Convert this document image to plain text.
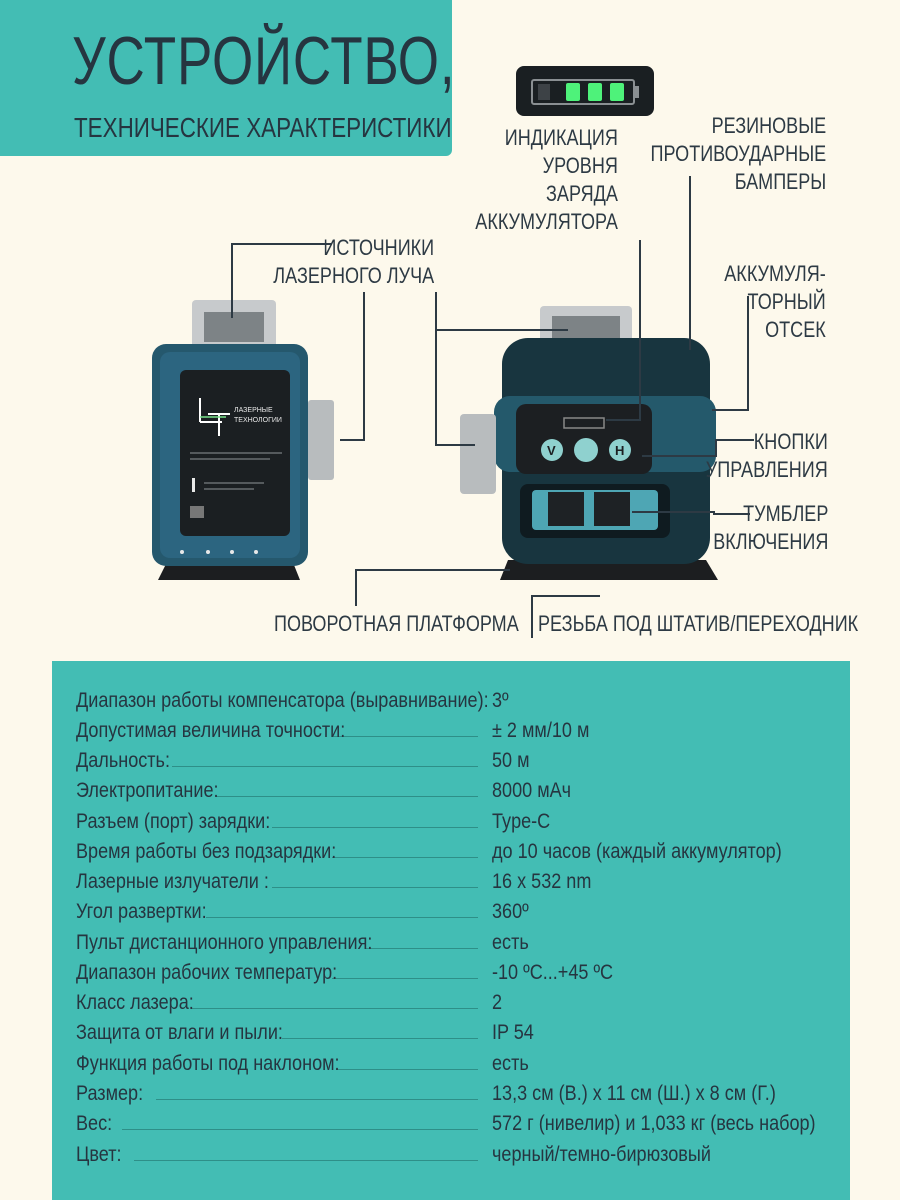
УСТРОЙСТВО,
ТЕХНИЧЕСКИЕ ХАРАКТЕРИСТИКИ
ЛАЗЕРНЫЕ
ТЕХНОЛОГИИ
V	H
ИНДИКАЦИЯ
УРОВНЯ
ЗАРЯДА
АККУМУЛЯТОРА
РЕЗИНОВЫЕ
ПРОТИВОУДАРНЫЕ
БАМПЕРЫ
ИСТОЧНИКИ
ЛАЗЕРНОГО ЛУЧА	АККУМУЛЯ-
ТОРНЫЙ
ОТСЕК
КНОПКИ
УПРАВЛЕНИЯ
ТУМБЛЕР
ВКЛЮЧЕНИЯ
ПОВОРОТНАЯ ПЛАТФОРМА РЕЗЬБА ПОД ШТАТИВ/ПЕРЕХОДНИК
Диапазон работы компенсатора (выравнивание): 3º
Допустимая величина точности:	± 2 мм/10 м
Дальность:	50 м
Электропитание:	8000 мАч
Разъем (порт) зарядки:	Type-C
Время работы без подзарядки:	до 10 часов (каждый аккумулятор)
Лазерные излучатели :	16 x 532 nm
Угол развертки:	360º
Пульт дистанционного управления:	есть
Диапазон рабочих температур:	-10 ºC...+45 ºC
Класс лазера:	2
Защита от влаги и пыли:	IP 54
Функция работы под наклоном:	есть
Размер:	13,3 см (В.) x 11 см (Ш.) x 8 см (Г.)
Вес:	572 г (нивелир) и 1,033 кг (весь набор)
Цвет:	черный/темно-бирюзовый
